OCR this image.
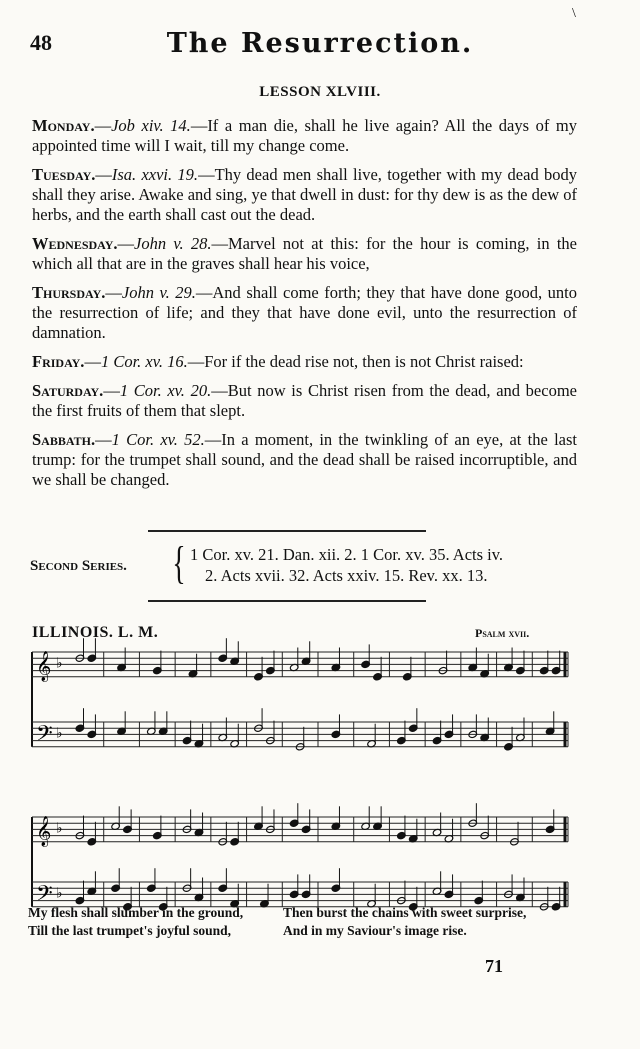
48	The Resurrection.
\
LESSON XLVIII.
Monday.—Job xiv. 14.—If a man die, shall he live again? All the days of my appointed time will I wait, till my change come.
Tuesday.—Isa. xxvi. 19.—Thy dead men shall live, together with my dead body shall they arise. Awake and sing, ye that dwell in dust: for thy dew is as the dew of herbs, and the earth shall cast out the dead.
Wednesday.—John v. 28.—Marvel not at this: for the hour is coming, in the which all that are in the graves shall hear his voice,
Thursday.—John v. 29.—And shall come forth; they that have done good, unto the resurrection of life; and they that have done evil, unto the resurrection of damnation.
Friday.—1 Cor. xv. 16.—For if the dead rise not, then is not Christ raised:
Saturday.—1 Cor. xv. 20.—But now is Christ risen from the dead, and become the first fruits of them that slept.
Sabbath.—1 Cor. xv. 52.—In a moment, in the twinkling of an eye, at the last trump: for the trumpet shall sound, and the dead shall be raised incorruptible, and we shall be changed.
Second Series. { 1 Cor. xv. 21. Dan. xii. 2. 1 Cor. xv. 35. Acts iv.
2. Acts xvii. 32. Acts xxiv. 15. Rev. xx. 13.
ILLINOIS. L. M.	Psalm xvii.
𝄞 ♭
𝄢 ♭
𝄞 ♭
𝄢 ♭
My flesh shall slumber in the ground,	Then burst the chains with sweet surprise,
Till the last trumpet's joyful sound,	And in my Saviour's image rise.
71
